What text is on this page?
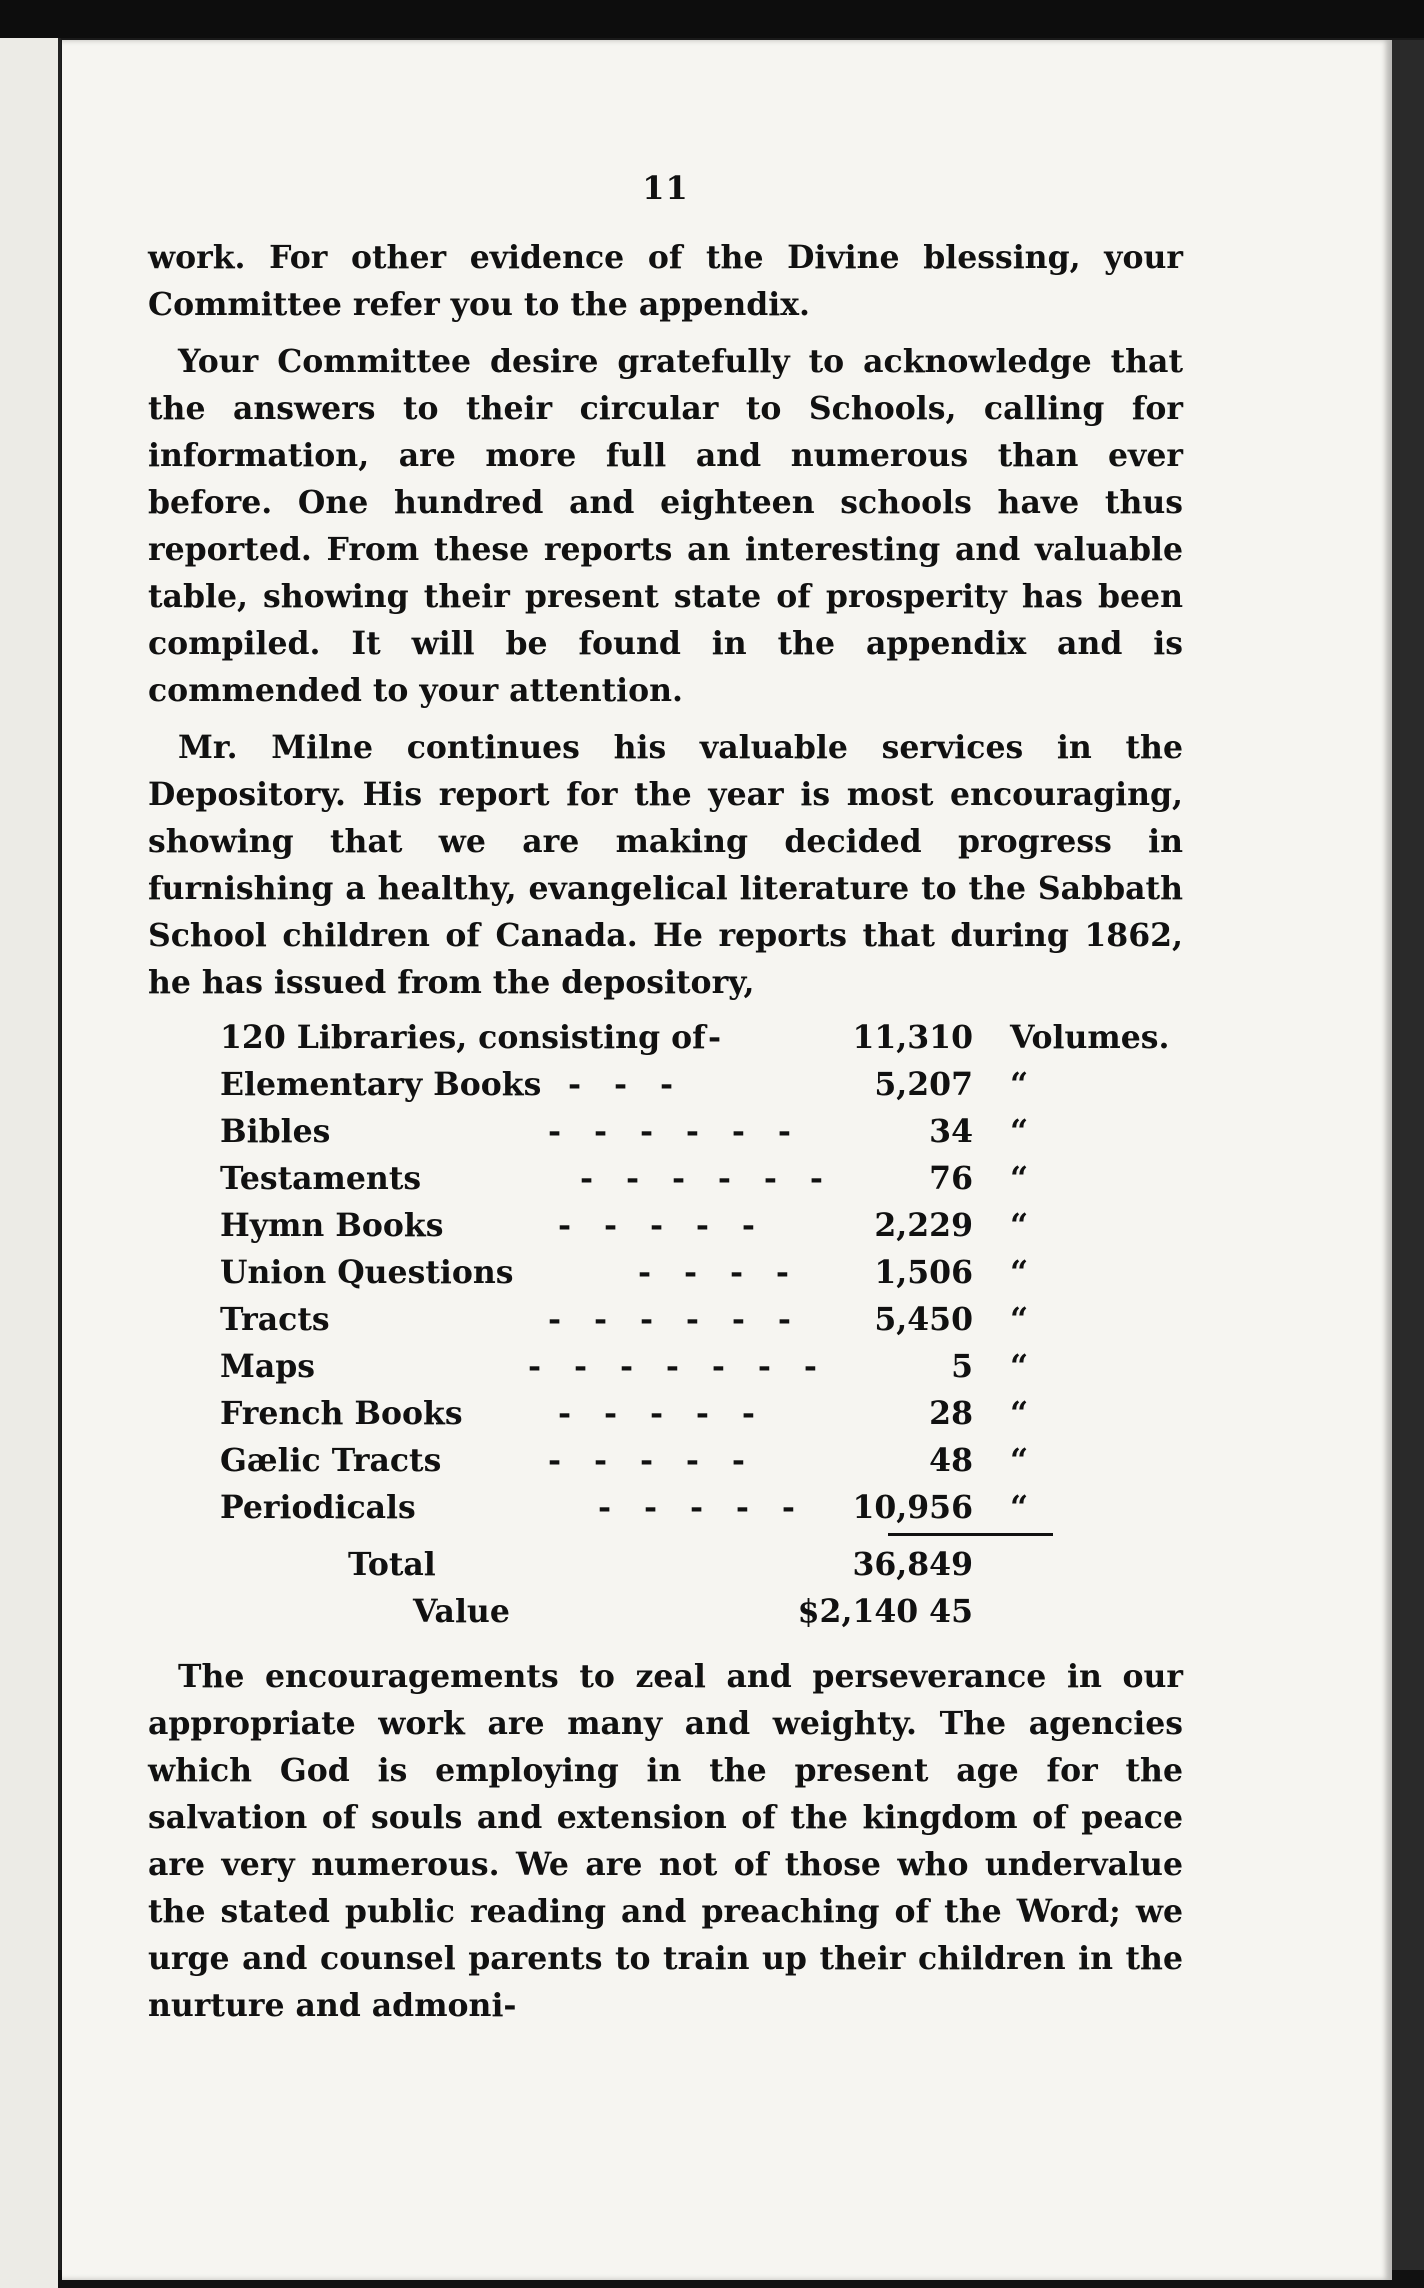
11

work. For other evidence of the Divine blessing, your Committee refer you to the appendix.

Your Committee desire gratefully to acknowledge that the answers to their circular to Schools, calling for information, are more full and numerous than ever before. One hundred and eighteen schools have thus reported. From these reports an interesting and valuable table, showing their present state of prosperity has been compiled. It will be found in the appendix and is commended to your attention.

Mr. Milne continues his valuable services in the Depository. His report for the year is most encouraging, showing that we are making decided progress in furnishing a healthy, evangelical literature to the Sabbath School children of Canada. He reports that during 1862, he has issued from the depository,

120 Libraries, consisting of -	11,310 Volumes.
Elementary Books -   -   -	5,207 “
Bibles	-   -   -   -   -   -	34 “
Testaments	-   -   -   -   -   -	76 “
Hymn Books	-   -   -   -   -	2,229 “
Union Questions	-   -   -   -	1,506 “
Tracts	-   -   -   -   -   -	5,450 “
Maps	-   -   -   -   -   -   -	5 “
French Books	-   -   -   -   -	28 “
Gælic Tracts	-   -   -   -   -	48 “
Periodicals	-   -   -   -   - 10,956 “
Total	36,849
Value	$2,140 45

The encouragements to zeal and perseverance in our appropriate work are many and weighty. The agencies which God is employing in the present age for the salvation of souls and extension of the kingdom of peace are very numerous. We are not of those who undervalue the stated public reading and preaching of the Word; we urge and counsel parents to train up their children in the nurture and admoni-
